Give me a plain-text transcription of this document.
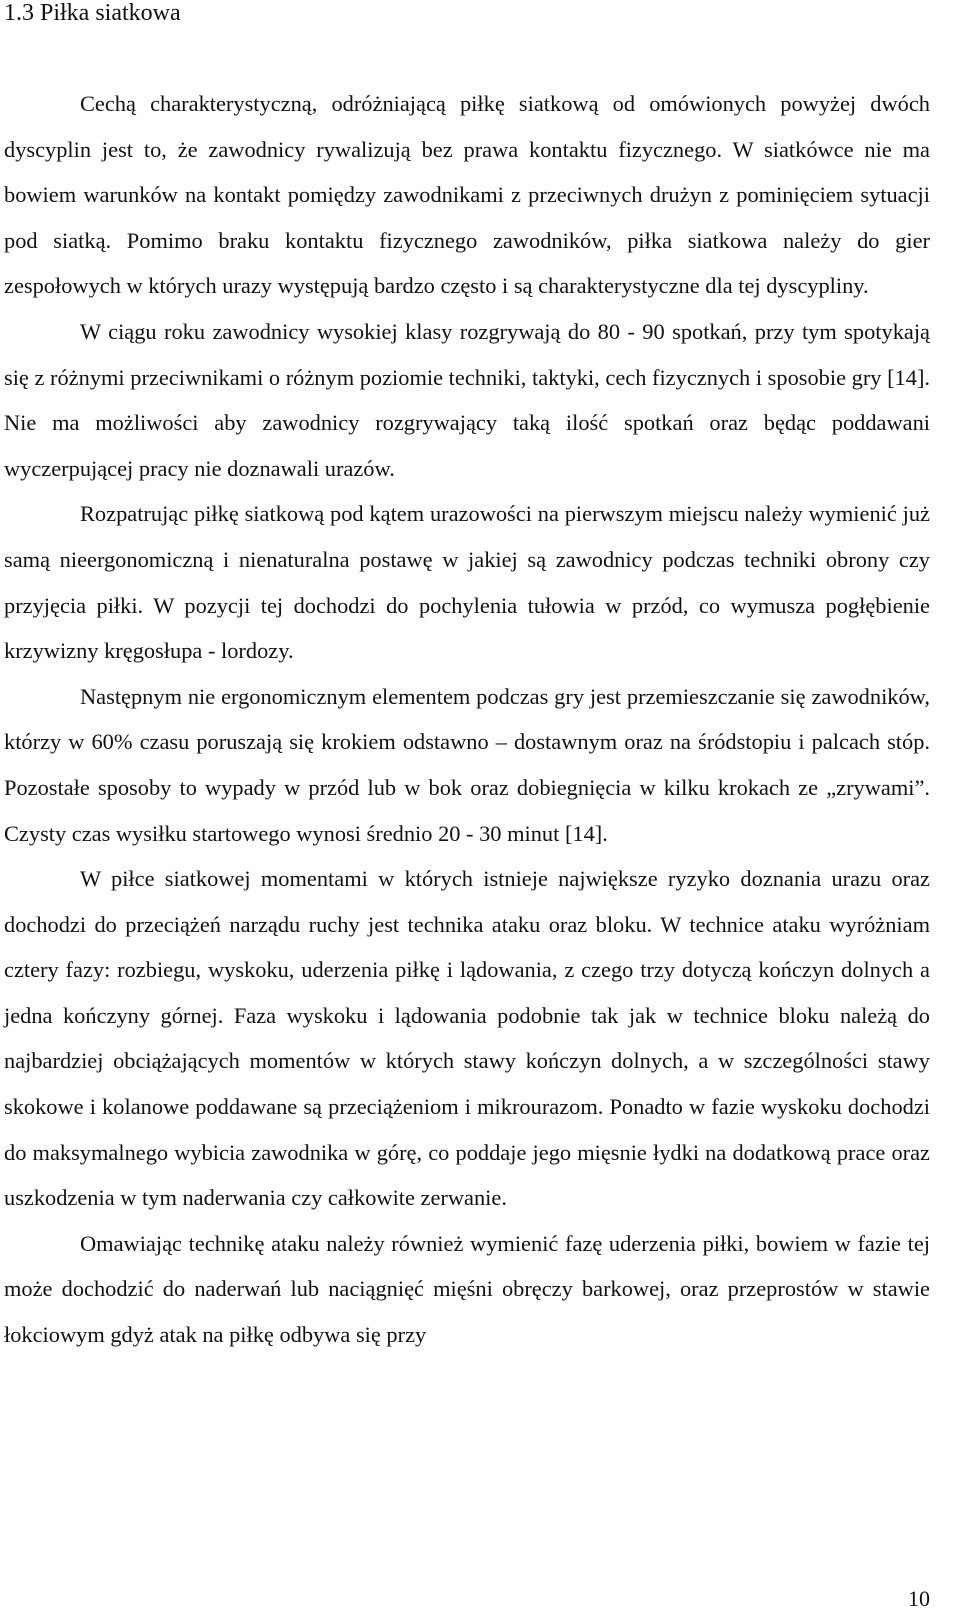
1.3 Piłka siatkowa

Cechą charakterystyczną, odróżniającą piłkę siatkową od omówionych powyżej dwóch dyscyplin jest to, że zawodnicy rywalizują bez prawa kontaktu fizycznego. W siatkówce nie ma bowiem warunków na kontakt pomiędzy zawodnikami z przeciwnych drużyn z pominięciem sytuacji pod siatką. Pomimo braku kontaktu fizycznego zawodników, piłka siatkowa należy do gier zespołowych w których urazy występują bardzo często i są charakterystyczne dla tej dyscypliny.

W ciągu roku zawodnicy wysokiej klasy rozgrywają do 80 - 90 spotkań, przy tym spotykają się z różnymi przeciwnikami o różnym poziomie techniki, taktyki, cech fizycznych i sposobie gry [14]. Nie ma możliwości aby zawodnicy rozgrywający taką ilość spotkań oraz będąc poddawani wyczerpującej pracy nie doznawali urazów.

Rozpatrując piłkę siatkową pod kątem urazowości na pierwszym miejscu należy wymienić już samą nieergonomiczną i nienaturalna postawę w jakiej są zawodnicy podczas techniki obrony czy przyjęcia piłki. W pozycji tej dochodzi do pochylenia tułowia w przód, co wymusza pogłębienie krzywizny kręgosłupa - lordozy.

Następnym nie ergonomicznym elementem podczas gry jest przemieszczanie się zawodników, którzy w 60% czasu poruszają się krokiem odstawno – dostawnym oraz na śródstopiu i palcach stóp. Pozostałe sposoby to wypady w przód lub w bok oraz dobiegnięcia w kilku krokach ze „zrywami”. Czysty czas wysiłku startowego wynosi średnio 20 - 30 minut [14].

W piłce siatkowej momentami w których istnieje największe ryzyko doznania urazu oraz dochodzi do przeciążeń narządu ruchy jest technika ataku oraz bloku. W technice ataku wyróżniam cztery fazy: rozbiegu, wyskoku, uderzenia piłkę i lądowania, z czego trzy dotyczą kończyn dolnych a jedna kończyny górnej. Faza wyskoku i lądowania podobnie tak jak w technice bloku należą do najbardziej obciążających momentów w których stawy kończyn dolnych, a w szczególności stawy skokowe i kolanowe poddawane są przeciążeniom i mikrourazom. Ponadto w fazie wyskoku dochodzi do maksymalnego wybicia zawodnika w górę, co poddaje jego mięsnie łydki na dodatkową prace oraz uszkodzenia w tym naderwania czy całkowite zerwanie.

Omawiając technikę ataku należy również wymienić fazę uderzenia piłki, bowiem w fazie tej może dochodzić do naderwań lub naciągnięć mięśni obręczy barkowej, oraz przeprostów w stawie łokciowym gdyż atak na piłkę odbywa się przy

10
